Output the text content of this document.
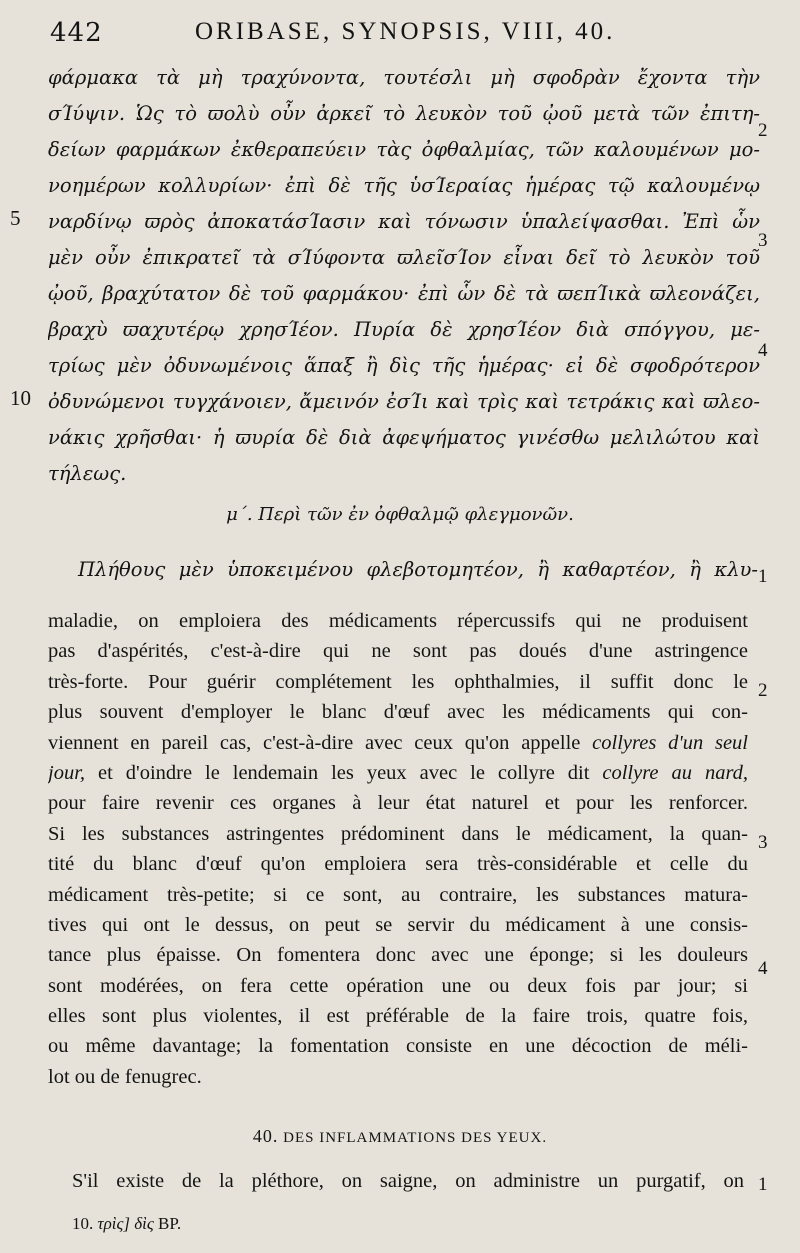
442	ORIBASE, SYNOPSIS, VIII, 40.
5
10
2
3
4
1
2
3
4
1
φάρμακα τὰ μὴ τραχύνοντα, τουτέσλι μὴ σφοδρὰν ἔχοντα τὴν
σΊύψιν. Ὡς τὸ ϖολὺ οὖν ἀρκεῖ τὸ λευκὸν τοῦ ᾠοῦ μετὰ τῶν ἐπιτη-
δείων φαρμάκων ἐκθεραπεύειν τὰς ὀφθαλμίας, τῶν καλουμένων μο-
νοημέρων κολλυρίων· ἐπὶ δὲ τῆς ὑσΊεραίας ἡμέρας τῷ καλουμένῳ
ναρδίνῳ ϖρὸς ἀποκατάσΊασιν καὶ τόνωσιν ὑπαλείψασθαι. Ἐπὶ ὧν
μὲν οὖν ἐπικρατεῖ τὰ σΊύφοντα ϖλεῖσΊον εἶναι δεῖ τὸ λευκὸν τοῦ
ᾠοῦ, βραχύτατον δὲ τοῦ φαρμάκου· ἐπὶ ὧν δὲ τὰ ϖεπΊικὰ ϖλεονάζει,
βραχὺ ϖαχυτέρῳ χρησΊέον. Πυρία δὲ χρησΊέον διὰ σπόγγου, με-
τρίως μὲν ὀδυνωμένοις ἅπαξ ἢ δὶς τῆς ἡμέρας· εἰ δὲ σφοδρότερον
ὀδυνώμενοι τυγχάνοιεν, ἄμεινόν ἐσΊι καὶ τρὶς καὶ τετράκις καὶ ϖλεο-
νάκις χρῆσθαι· ἡ ϖυρία δὲ διὰ ἀφεψήματος γινέσθω μελιλώτου καὶ
τήλεως.
μ΄. Περὶ τῶν ἐν ὀφθαλμῷ φλεγμονῶν.
Πλήθους μὲν ὑποκειμένου φλεβοτομητέον, ἢ καθαρτέον, ἢ κλυ-
maladie, on emploiera des médicaments répercussifs qui ne produisent
pas d'aspérités, c'est-à-dire qui ne sont pas doués d'une astringence
très-forte. Pour guérir complétement les ophthalmies, il suffit donc le
plus souvent d'employer le blanc d'œuf avec les médicaments qui con-
viennent en pareil cas, c'est-à-dire avec ceux qu'on appelle collyres d'un seul
jour, et d'oindre le lendemain les yeux avec le collyre dit collyre au nard,
pour faire revenir ces organes à leur état naturel et pour les renforcer.
Si les substances astringentes prédominent dans le médicament, la quan-
tité du blanc d'œuf qu'on emploiera sera très-considérable et celle du
médicament très-petite; si ce sont, au contraire, les substances matura-
tives qui ont le dessus, on peut se servir du médicament à une consis-
tance plus épaisse. On fomentera donc avec une éponge; si les douleurs
sont modérées, on fera cette opération une ou deux fois par jour; si
elles sont plus violentes, il est préférable de la faire trois, quatre fois,
ou même davantage; la fomentation consiste en une décoction de méli-
lot ou de fenugrec.
40. DES INFLAMMATIONS DES YEUX.
S'il existe de la pléthore, on saigne, on administre un purgatif, on
10. τρὶς] δὶς BP.
